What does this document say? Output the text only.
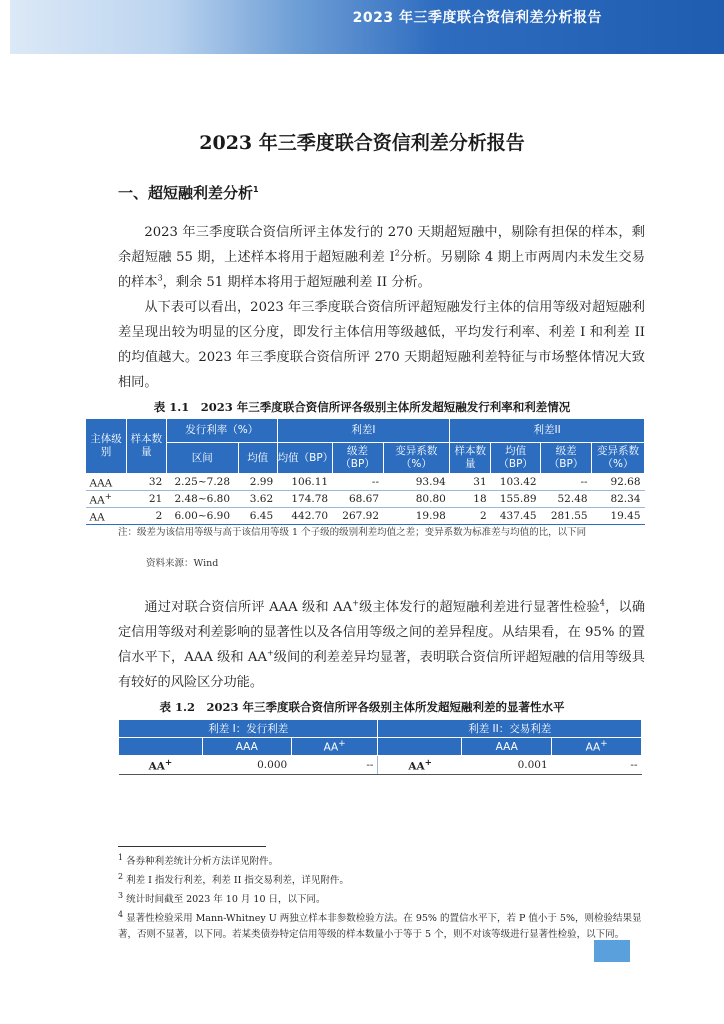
2023 年三季度联合资信利差分析报告
2023 年三季度联合资信利差分析报告
一、超短融利差分析$^1$
2023 年三季度联合资信所评主体发行的 270 天期超短融中，剔除有担保的样本，剩余超短融 55 期，上述样本将用于超短融利差 $I^2$分析。另剔除 4 期上市两周内未发生交易的样本$^3$，剩余 51 期样本将用于超短融利差 II 分析。
从下表可以看出，2023 年三季度联合资信所评超短融发行主体的信用等级对超短融利差呈现出较为明显的区分度，即发行主体信用等级越低，平均发行利率、利差 I 和利差 II 的均值越大。2023 年三季度联合资信所评 270 天期超短融利差特征与市场整体情况大致相同。
表 1.1　2023 年三季度联合资信所评各级别主体所发超短融发行利率和利差情况
主体级别	样本数量	发行利率（%）		利差I			利差II			
		区间	均值	均值（BP）	级差（BP）	变异系数（%）	样本数量	均值（BP）	级差（BP）	变异系数（%）
AAA	32	2.25~7.28	2.99	106.11	--	93.94	31	103.42	--	92.68
AA+	21	2.48~6.80	3.62	174.78	68.67	80.80	18	155.89	52.48	82.34
AA	2	6.00~6.90	6.45	442.70	267.92	19.98	2	437.45	281.55	19.45
注：级差为该信用等级与高于该信用等级 1 个子级的级别利差均值之差；变异系数为标准差与均值的比，以下同
资料来源：Wind
通过对联合资信所评 AAA 级和 AA+级主体发行的超短融利差进行显著性检验$^4$，以确定信用等级对利差影响的显著性以及各信用等级之间的差异程度。从结果看，在 95% 的置信水平下，AAA 级和 AA+级间的利差差异均显著，表明联合资信所评超短融的信用等级具有较好的风险区分功能。
表 1.2　2023 年三季度联合资信所评各级别主体所发超短融利差的显著性水平
利差 I：发行利差			利差 II：交易利差		
	AAA	AA+		AAA	AA+
AA+	0.000	--	AA+	0.001	--

$^1$ 各券种利差统计分析方法详见附件。

$^2$ 利差 I 指发行利差，利差 II 指交易利差，详见附件。

$^3$ 统计时间截至 2023 年 10 月 10 日，以下同。

$^4$ 显著性检验采用 Mann-Whitney U 两独立样本非参数检验方法。在 95% 的置信水平下，若 P 值小于 5%，则检验结果显著，否则不显著，以下同。若某类债券特定信用等级的样本数量小于等于 5 个，则不对该等级进行显著性检验，以下同。
